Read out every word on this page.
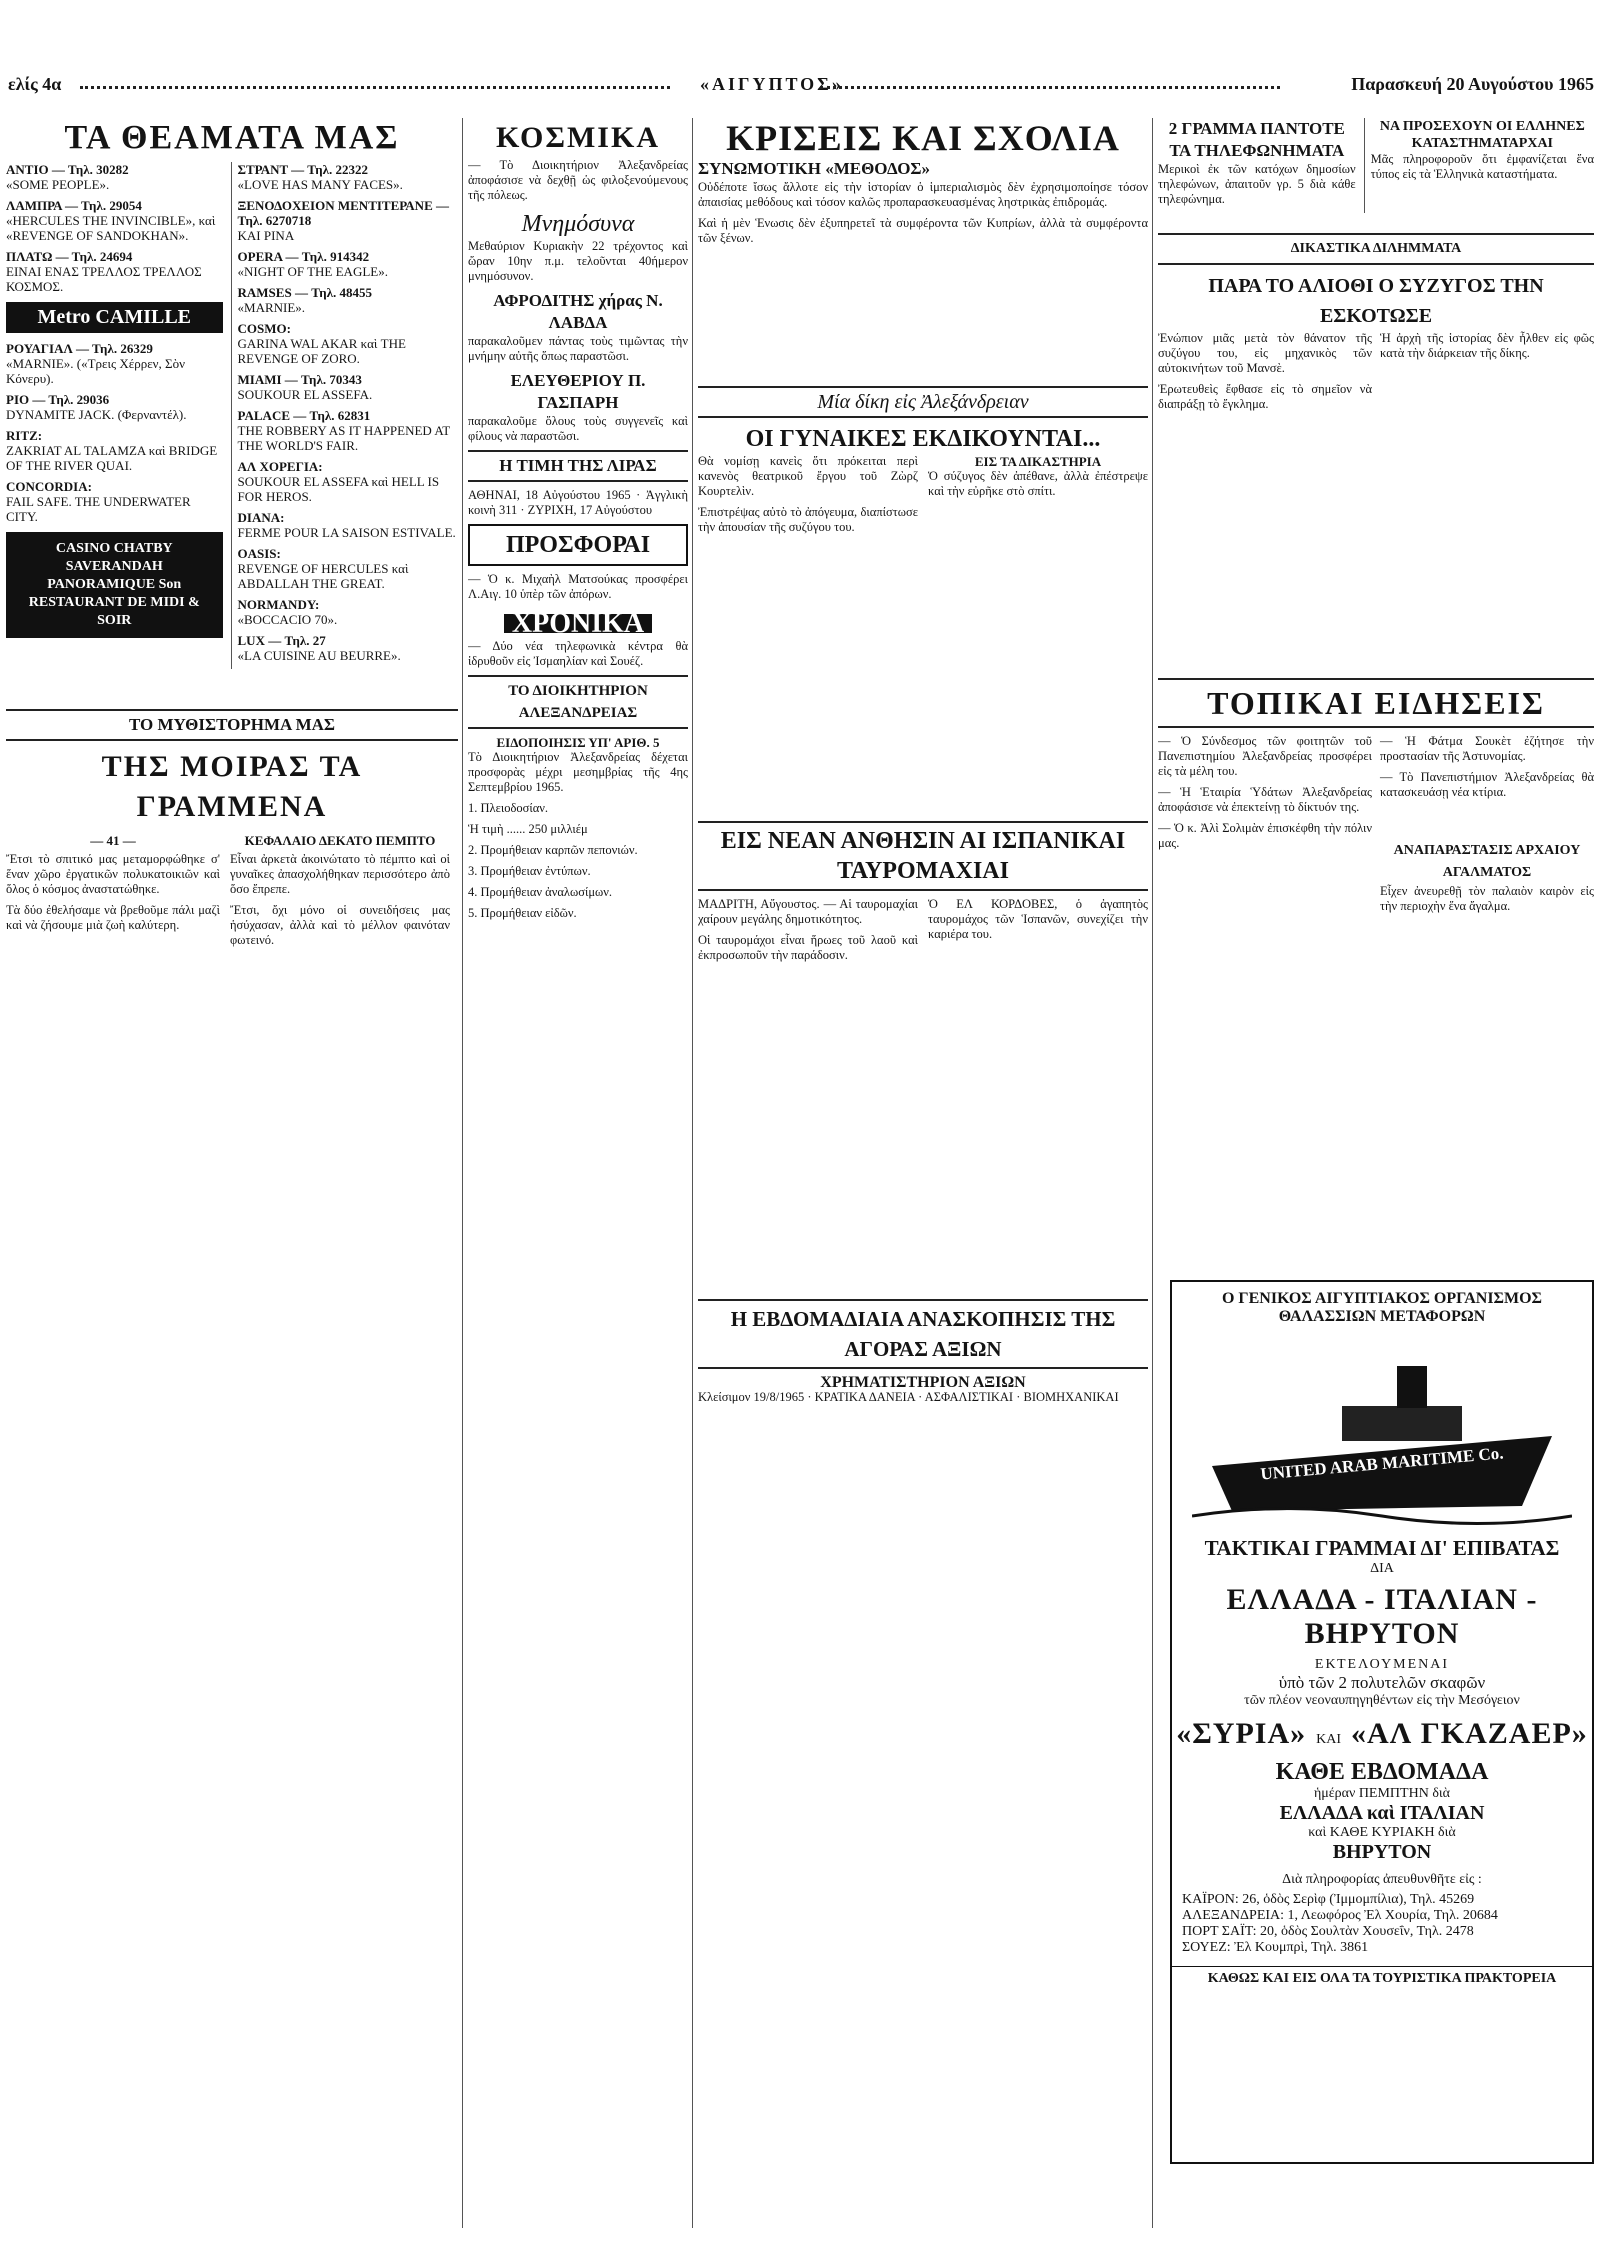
ελίς 4α	«ΑΙΓΥΠΤΟΣ»	Παρασκευή 20 Αυγούστου 1965
ΤΑ ΘΕΑΜΑΤΑ ΜΑΣ
ΑΝΤΙΟ — Τηλ. 30282
«SOME PEOPLE».
ΛΑΜΠΡΑ — Τηλ. 29054
«HERCULES THE INVINCIBLE», καὶ «REVENGE OF SANDOKHAN».
ΠΛΑΤΩ — Τηλ. 24694
ΕΙΝΑΙ ΕΝΑΣ ΤΡΕΛΛΟΣ ΤΡΕΛΛΟΣ ΚΟΣΜΟΣ.
Metro CAMILLE
ΡΟΥΑΓΙΑΛ — Τηλ. 26329
«MARNIE». («Τρεις Χέρρεν, Σὸν Κόνερυ).
ΡΙΟ — Τηλ. 29036
DYNAMITE JACK. (Φερναντέλ).
RITZ:
ZAKRIAT AL TALAMZA καὶ BRIDGE OF THE RIVER QUAI.
CONCORDIA:
FAIL SAFE. THE UNDERWATER CITY.
CASINO CHATBY SAVERANDAH PANORAMIQUE Son RESTAURANT DE MIDI & SOIR
ΣΤΡΑΝΤ — Τηλ. 22322
«LOVE HAS MANY FACES».
ΞΕΝΟΔΟΧΕΙΟΝ ΜΕΝΤΙΤΕΡΑΝΕ — Τηλ. 6270718
ΚΑΙ ΡΙΝΑ
OPERA — Τηλ. 914342
«NIGHT OF THE EAGLE».
RAMSES — Τηλ. 48455
«MARNIE».
COSMO:
GARINA WAL AKAR καὶ THE REVENGE OF ZORO.
MIAMI — Τηλ. 70343
SOUKOUR EL ASSEFA.
PALACE — Τηλ. 62831
THE ROBBERY AS IT HAPPENED AT THE WORLD'S FAIR.
ΑΛ ΧΟΡΕΓΙΑ:
SOUKOUR EL ASSEFA καὶ HELL IS FOR HEROS.
DIANA:
FERME POUR LA SAISON ESTIVALE.
OASIS:
REVENGE OF HERCULES καὶ ABDALLAH THE GREAT.
NORMANDY:
«BOCCACIO 70».
LUX — Τηλ. 27
«LA CUISINE AU BEURRE».
ΤΟ ΜΥΘΙΣΤΟΡΗΜΑ ΜΑΣ
ΤΗΣ ΜΟΙΡΑΣ ΤΑ ΓΡΑΜΜΕΝΑ
— 41 —

Ἔτσι τὸ σπιτικό μας μεταμορφώθηκε σ' ἕναν χῶρο ἐργατικῶν πολυκατοικιῶν καὶ ὅλος ὁ κόσμος ἀναστατώθηκε.

Τὰ δύο ἐθελήσαμε νὰ βρεθοῦμε πάλι μαζὶ καὶ νὰ ζήσουμε μιὰ ζωὴ καλύτερη.

ΚΕΦΑΛΑΙΟ ΔΕΚΑΤΟ ΠΕΜΠΤΟ

Εἶναι ἀρκετὰ ἀκοινώτατο τὸ πέμπτο καὶ οἱ γυναῖκες ἀπασχολήθηκαν περισσότερο ἀπὸ ὅσο ἔπρεπε.

Ἔτσι, ὄχι μόνο οἱ συνειδήσεις μας ἡσύχασαν, ἀλλὰ καὶ τὸ μέλλον φαινόταν φωτεινό.

ΚΟΣΜΙΚΑ

— Τὸ Διοικητήριον Ἀλεξανδρείας ἀποφάσισε νὰ δεχθῇ ὡς φιλοξενούμενους τῆς πόλεως.

Μνημόσυνα

Μεθαύριον Κυριακὴν 22 τρέχοντος καὶ ὥραν 10ην π.μ. τελοῦνται 40ήμερον μνημόσυνον.

ΑΦΡΟΔΙΤΗΣ χήρας Ν. ΛΑΒΔΑ

παρακαλοῦμεν πάντας τοὺς τιμῶντας τὴν μνήμην αὐτῆς ὅπως παραστῶσι.

ΕΛΕΥΘΕΡΙΟΥ Π. ΓΑΣΠΑΡΗ

παρακαλοῦμε ὅλους τοὺς συγγενεῖς καὶ φίλους νὰ παραστῶσι.

Η ΤΙΜΗ ΤΗΣ ΛΙΡΑΣ

ΑΘΗΝΑΙ, 18 Αὐγούστου 1965 · Ἀγγλικὴ κοινὴ 311 · ΖΥΡΙΧΗ, 17 Αὐγούστου

ΠΡΟΣΦΟΡΑΙ

— Ὁ κ. Μιχαὴλ Ματσούκας προσφέρει Λ.Αιγ. 10 ὑπὲρ τῶν ἀπόρων.

ΧΡΟΝΙΚΑ

— Δύο νέα τηλεφωνικὰ κέντρα θὰ ἱδρυθοῦν εἰς Ἰσμαηλίαν καὶ Σουέζ.

ΤΟ ΔΙΟΙΚΗΤΗΡΙΟΝ ΑΛΕΞΑΝΔΡΕΙΑΣ
ΕΙΔΟΠΟΙΗΣΙΣ ΥΠ' ΑΡΙΘ. 5

Τὸ Διοικητήριον Ἀλεξανδρείας δέχεται προσφορὰς μέχρι μεσημβρίας τῆς 4ης Σεπτεμβρίου 1965.

1. Πλειοδοσίαν.

Ἡ τιμὴ ...... 250 μιλλιέμ

2. Προμήθειαν καρπῶν πεπονιών.

3. Προμήθειαν ἐντύπων.

4. Προμήθειαν ἀναλωσίμων.

5. Προμήθειαν εἰδῶν.

ΚΡΙΣΕΙΣ ΚΑΙ ΣΧΟΛΙΑ
ΣΥΝΩΜΟΤΙΚΗ «ΜΕΘΟΔΟΣ»

Οὐδέποτε ἴσως ἄλλοτε εἰς τὴν ἱστορίαν ὁ ἱμπεριαλισμὸς δὲν ἐχρησιμοποίησε τόσον ἀπαισίας μεθόδους καὶ τόσον καλῶς προπαρασκευασμένας ληστρικὰς ἐπιδρομάς.

Καὶ ἡ μὲν Ἑνωσις δὲν ἐξυπηρετεῖ τὰ συμφέροντα τῶν Κυπρίων, ἀλλὰ τὰ συμφέροντα τῶν ξένων.

Μία δίκη εἰς Ἀλεξάνδρειαν
ΟΙ ΓΥΝΑΙΚΕΣ ΕΚΔΙΚΟΥΝΤΑΙ...

Θὰ νομίσῃ κανεὶς ὅτι πρόκειται περὶ κανενὸς θεατρικοῦ ἔργου τοῦ Ζὼρζ Κουρτελὶν.

Ἐπιστρέψας αὐτὸ τὸ ἀπόγευμα, διαπίστωσε τὴν ἀπουσίαν τῆς συζύγου του.

ΕΙΣ ΤΑ ΔΙΚΑΣΤΗΡΙΑ

Ὁ σύζυγος δὲν ἀπέθανε, ἀλλὰ ἐπέστρεψε καὶ τὴν εὐρῆκε στὸ σπίτι.

ΕΙΣ ΝΕΑΝ ΑΝΘΗΣΙΝ ΑΙ ΙΣΠΑΝΙΚΑΙ ΤΑΥΡΟΜΑΧΙΑΙ

ΜΑΔΡΙΤΗ, Αὔγουστος. — Αἱ ταυρομαχίαι χαίρουν μεγάλης δημοτικότητος.

Οἱ ταυρομάχοι εἶναι ἥρωες τοῦ λαοῦ καὶ ἐκπροσωποῦν τὴν παράδοσιν.

Ὁ ΕΛ ΚΟΡΔΟΒΕΣ, ὁ ἀγαπητὸς ταυρομάχος τῶν Ἱσπανῶν, συνεχίζει τὴν καριέρα του.

Η ΕΒΔΟΜΑΔΙΑΙΑ ΑΝΑΣΚΟΠΗΣΙΣ ΤΗΣ ΑΓΟΡΑΣ ΑΞΙΩΝ
ΧΡΗΜΑΤΙΣΤΗΡΙΟΝ ΑΞΙΩΝ

Κλείσιμον 19/8/1965 · ΚΡΑΤΙΚΑ ΔΑΝΕΙΑ · ΑΣΦΑΛΙΣΤΙΚΑΙ · ΒΙΟΜΗΧΑΝΙΚΑΙ

2 ΓΡΑΜΜΑ ΠΑΝΤΟΤΕ ΤΑ ΤΗΛΕΦΩΝΗΜΑΤΑ

Μερικοὶ ἐκ τῶν κατόχων δημοσίων τηλεφώνων, ἀπαιτοῦν γρ. 5 διὰ κάθε τηλεφώνημα.

ΝΑ ΠΡΟΣΕΧΟΥΝ ΟΙ ΕΛΛΗΝΕΣ ΚΑΤΑΣΤΗΜΑΤΑΡΧΑΙ

Μᾶς πληροφοροῦν ὅτι ἐμφανίζεται ἕνα τύπος εἰς τὰ Ἑλληνικὰ καταστήματα.

ΔΙΚΑΣΤΙΚΑ ΔΙΛΗΜΜΑΤΑ
ΠΑΡΑ ΤΟ ΑΛΙΟΘΙ Ο ΣΥΖΥΓΟΣ ΤΗΝ ΕΣΚΟΤΩΣΕ

Ἐνώπιον μιᾶς μετὰ τὸν θάνατον τῆς συζύγου του, εἰς μηχανικὸς τῶν αὐτοκινήτων τοῦ Μανσὲ.

Ἐρωτευθεὶς ἔφθασε εἰς τὸ σημεῖον νὰ διαπράξῃ τὸ ἔγκλημα.

Ἡ ἀρχὴ τῆς ἱστορίας δὲν ἦλθεν εἰς φῶς κατὰ τὴν διάρκειαν τῆς δίκης.

ΤΟΠΙΚΑΙ ΕΙΔΗΣΕΙΣ

— Ὁ Σύνδεσμος τῶν φοιτητῶν τοῦ Πανεπιστημίου Ἀλεξανδρείας προσφέρει εἰς τὰ μέλη του.

— Ἡ Ἑταιρία Ὑδάτων Ἀλεξανδρείας ἀποφάσισε νὰ ἐπεκτείνῃ τὸ δίκτυόν της.

— Ὁ κ. Ἀλὶ Σολιμὰν ἐπισκέφθη τὴν πόλιν μας.

— Ἡ Φάτμα Σουκὲτ ἐζήτησε τὴν προστασίαν τῆς Ἀστυνομίας.

— Τὸ Πανεπιστήμιον Ἀλεξανδρείας θὰ κατασκευάσῃ νέα κτίρια.

ΑΝΑΠΑΡΑΣΤΑΣΙΣ ΑΡΧΑΙΟΥ ΑΓΑΛΜΑΤΟΣ

Εἶχεν ἀνευρεθῇ τὸν παλαιὸν καιρὸν εἰς τὴν περιοχὴν ἕνα ἄγαλμα.

Ο ΓΕΝΙΚΟΣ ΑΙΓΥΠΤΙΑΚΟΣ ΟΡΓΑΝΙΣΜΟΣ
ΘΑΛΑΣΣΙΩΝ ΜΕΤΑΦΟΡΩΝ
UNITED ARAB MARITIME Co.
ΤΑΚΤΙΚΑΙ ΓΡΑΜΜΑΙ ΔΙ' ΕΠΙΒΑΤΑΣ
ΔΙΑ
ΕΛΛΑΔΑ - ΙΤΑΛΙΑΝ - ΒΗΡΥΤΟΝ
ΕΚΤΕΛΟΥΜΕΝΑΙ
ὑπὸ τῶν 2 πολυτελῶν σκαφῶν
τῶν πλέον νεοναυπηγηθέντων εἰς τὴν Μεσόγειον
«ΣΥΡΙΑ» ΚΑΙ «ΑΛ ΓΚΑΖΑΕΡ»
ΚΑΘΕ ΕΒΔΟΜΑΔΑ
ἡμέραν ΠΕΜΠΤΗΝ διὰ
ΕΛΛΑΔΑ καὶ ΙΤΑΛΙΑΝ
καὶ ΚΑΘΕ ΚΥΡΙΑΚΗ διὰ
ΒΗΡΥΤΟΝ
Διὰ πληροφορίας ἀπευθυνθῆτε εἰς :
ΚΑΪΡΟΝ: 26, ὁδὸς Σερὶφ (Ἰμμομπίλια), Τηλ. 45269
ΑΛΕΞΑΝΔΡΕΙΑ: 1, Λεωφόρος Ἐλ Χουρία, Τηλ. 20684
ΠΟΡΤ ΣΑΪΤ: 20, ὁδὸς Σουλτὰν Χουσεΐν, Τηλ. 2478
ΣΟΥΕΖ: Ἐλ Κουμπρὶ, Τηλ. 3861
ΚΑΘΩΣ ΚΑΙ ΕΙΣ ΟΛΑ ΤΑ ΤΟΥΡΙΣΤΙΚΑ ΠΡΑΚΤΟΡΕΙΑ
